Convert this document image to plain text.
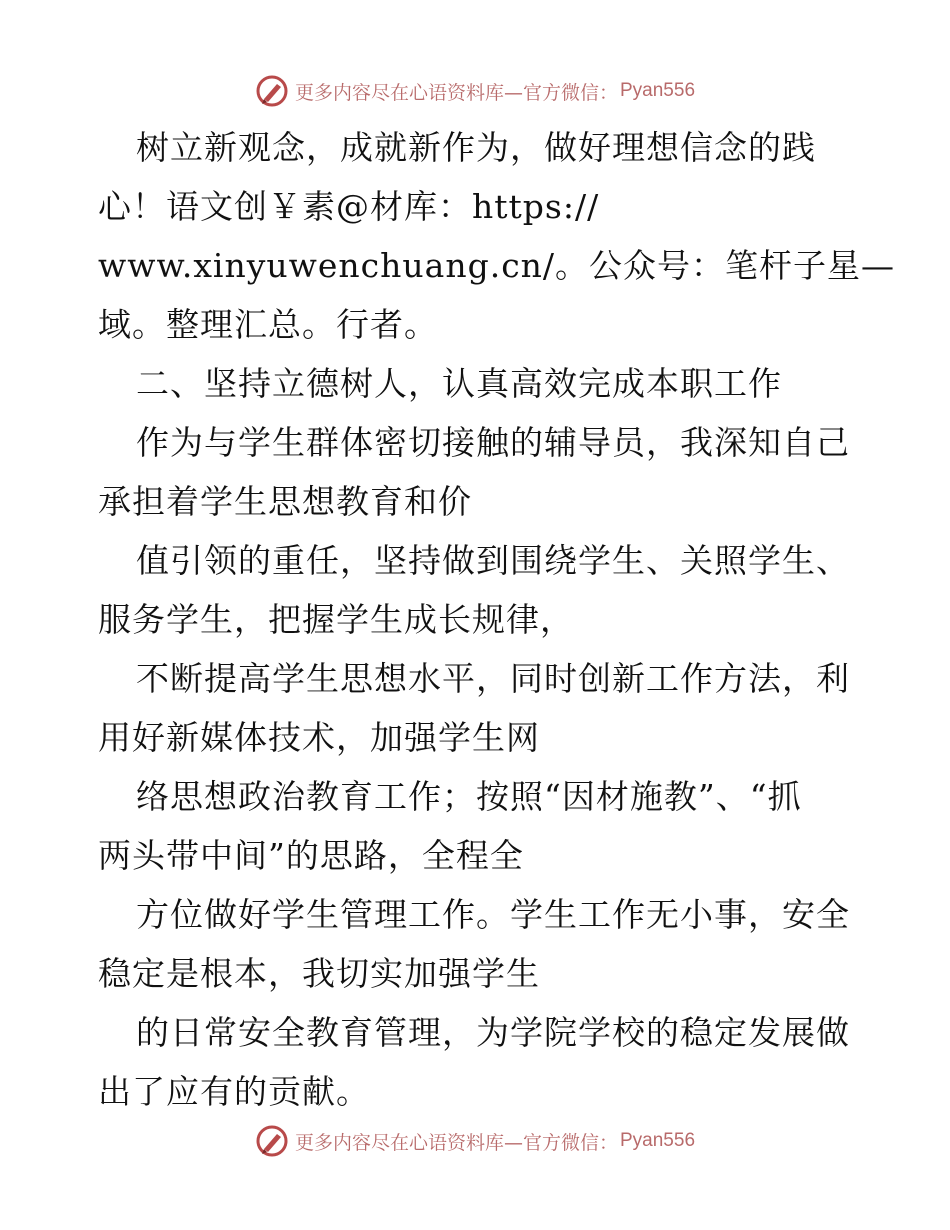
更多内容尽在心语资料库—官方微信： Pyan556
树立新观念，成就新作为，做好理想信念的践
心！语文创￥素@材库：https://
www.xinyuwenchuang.cn/。公众号：笔杆子星—
域。整理汇总。行者。
二、坚持立德树人，认真高效完成本职工作
作为与学生群体密切接触的辅导员，我深知自己
承担着学生思想教育和价
值引领的重任，坚持做到围绕学生、关照学生、
服务学生，把握学生成长规律，
不断提高学生思想水平，同时创新工作方法，利
用好新媒体技术，加强学生网
络思想政治教育工作；按照“因材施教”、“抓
两头带中间”的思路，全程全
方位做好学生管理工作。学生工作无小事，安全
稳定是根本，我切实加强学生
的日常安全教育管理，为学院学校的稳定发展做
出了应有的贡献。
更多内容尽在心语资料库—官方微信： Pyan556
